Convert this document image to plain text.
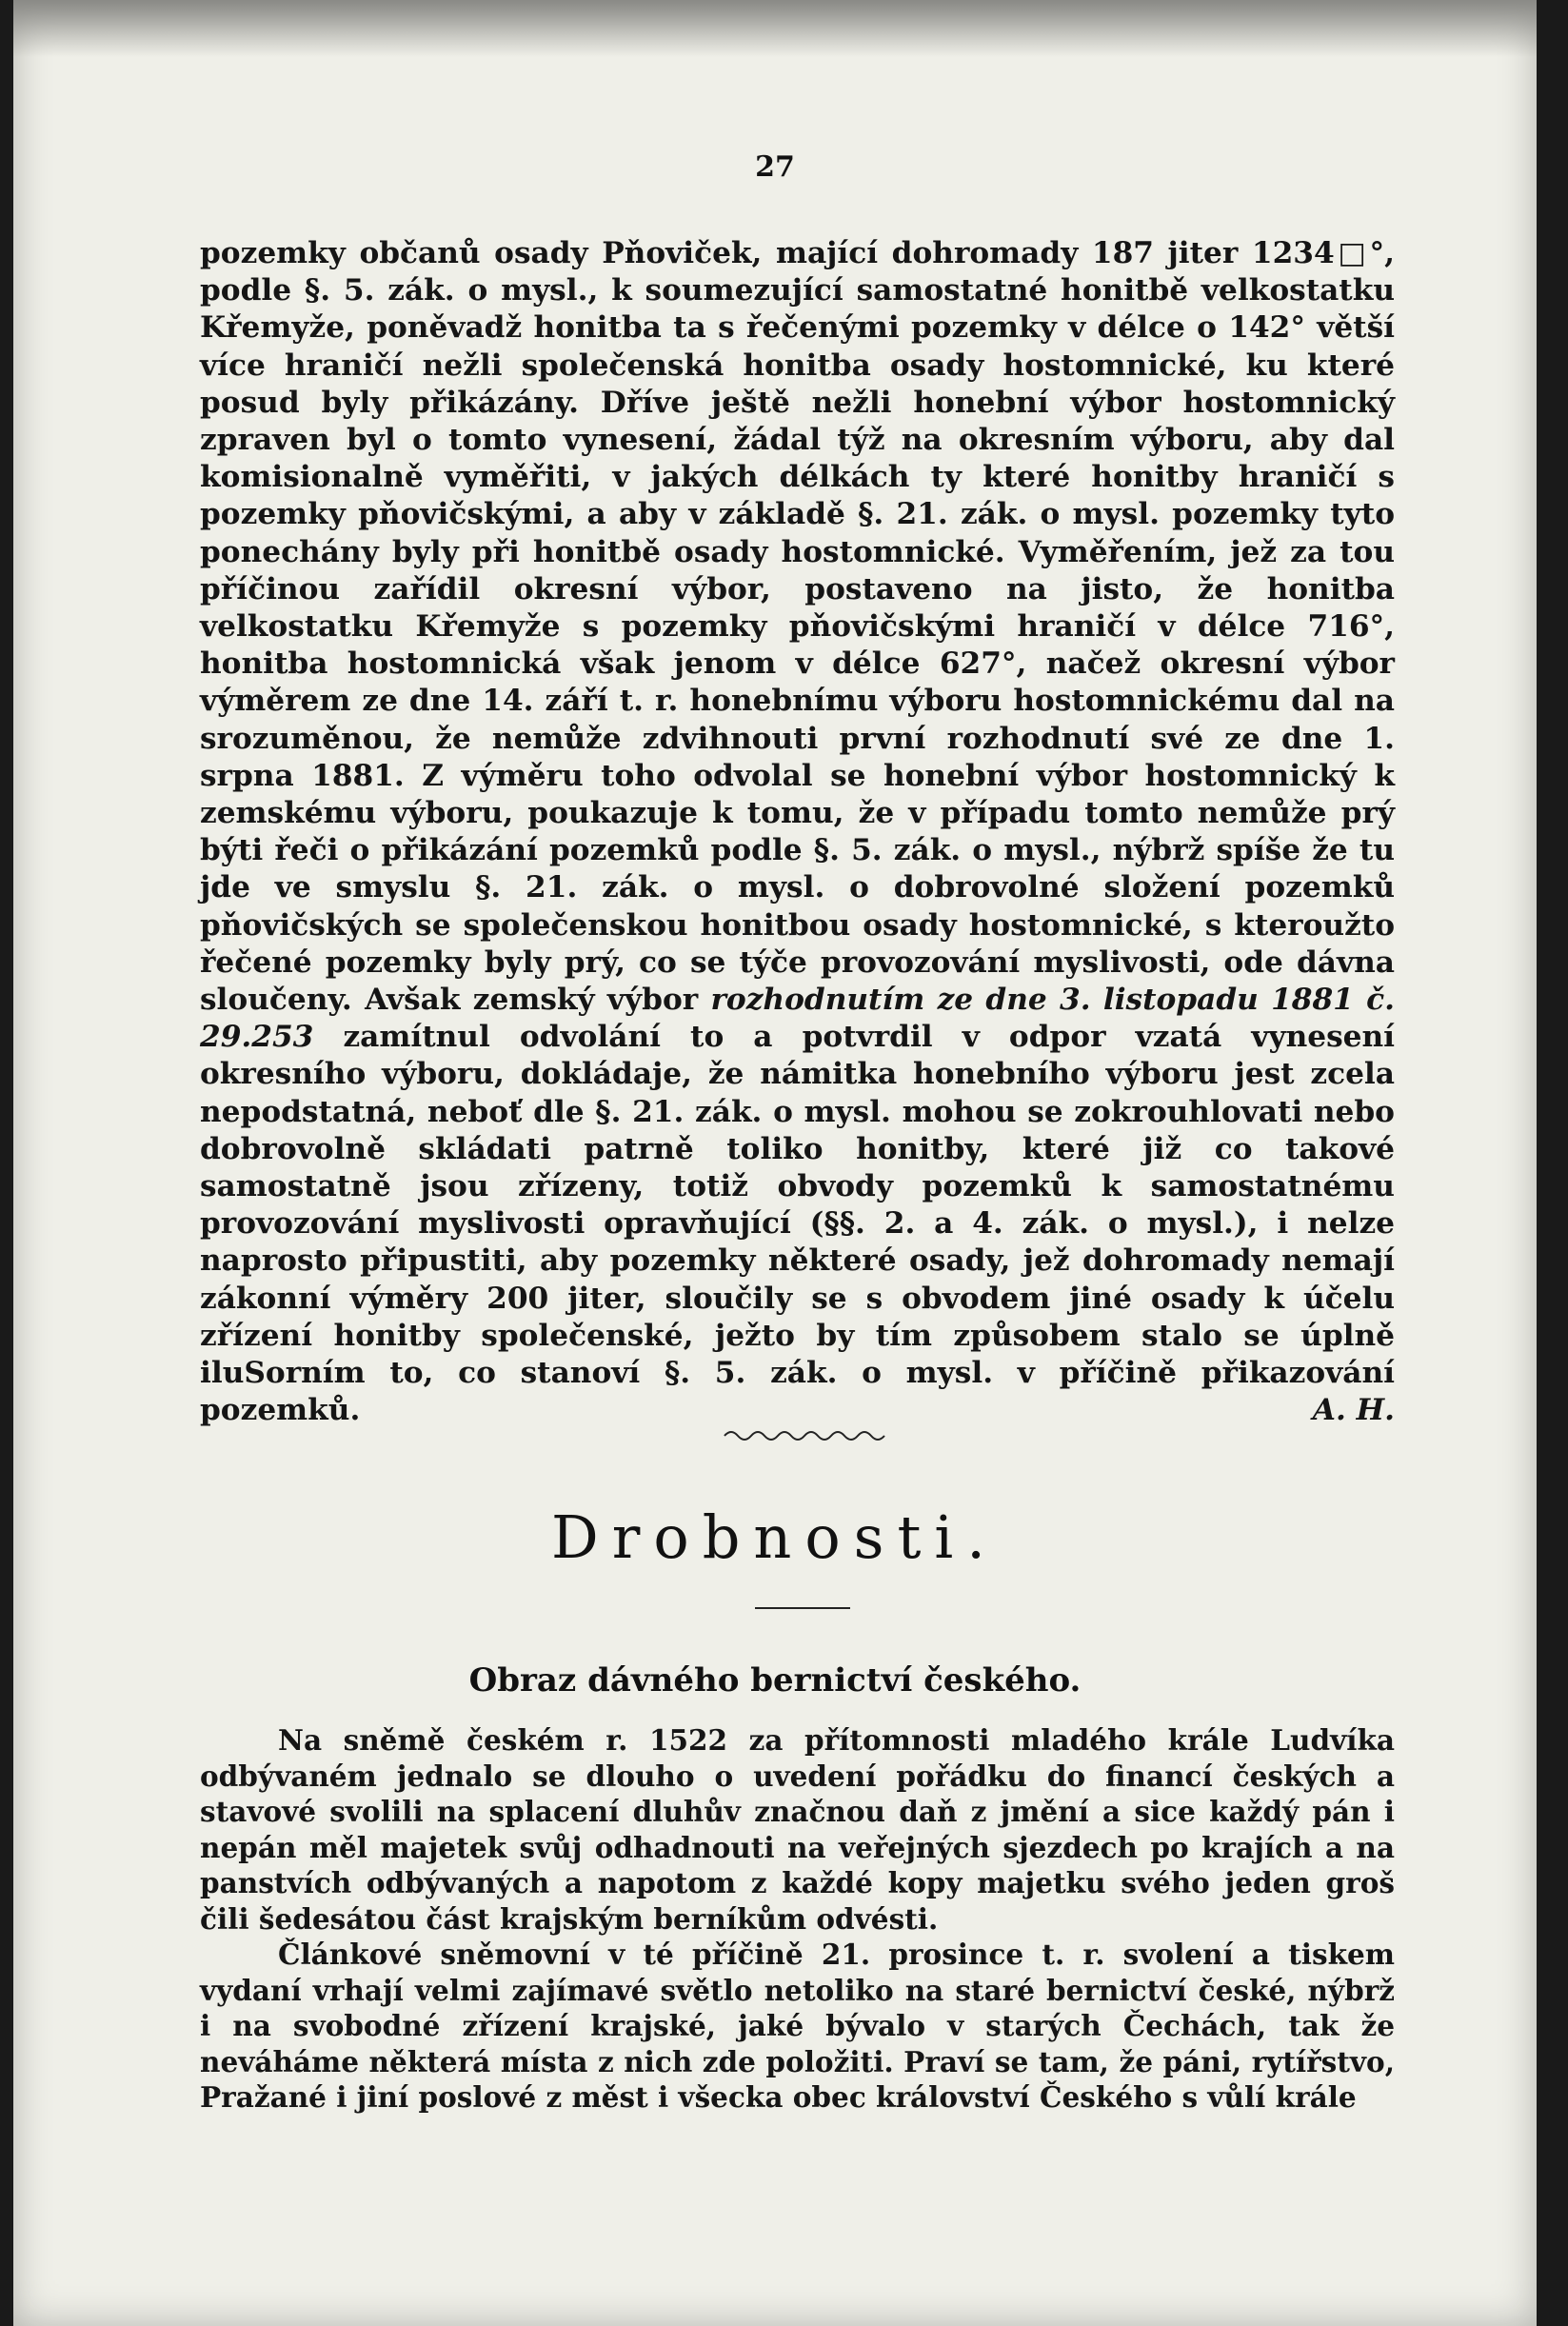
27

pozemky občanů osady Pňoviček, mající dohromady 187 jiter 1234□°, podle §. 5. zák. o mysl., k soumezující samostatné honitbě velkostatku Křemyže, poněvadž honitba ta s řečenými pozemky v délce o 142° větší více hraničí nežli společenská honitba osady hostomnické, ku které posud byly přikázány. Dříve ještě nežli honební výbor hostomnický zpraven byl o tomto vynesení, žádal týž na okresním výboru, aby dal komisionalně vyměřiti, v jakých délkách ty které honitby hraničí s pozemky pňovičskými, a aby v základě §. 21. zák. o mysl. pozemky tyto ponechány byly při honitbě osady hostomnické. Vyměřením, jež za tou příčinou zařídil okresní výbor, postaveno na jisto, že honitba velkostatku Křemyže s pozemky pňovičskými hraničí v délce 716°, honitba hostomnická však jenom v délce 627°, načež okresní výbor výměrem ze dne 14. září t. r. honebnímu výboru hostomnickému dal na srozuměnou, že nemůže zdvihnouti první rozhodnutí své ze dne 1. srpna 1881. Z výměru toho odvolal se honební výbor hostomnický k zemskému výboru, poukazuje k tomu, že v případu tomto nemůže prý býti řeči o přikázání pozemků podle §. 5. zák. o mysl., nýbrž spíše že tu jde ve smyslu §. 21. zák. o mysl. o dobrovolné složení pozemků pňovičských se společenskou honitbou osady hostomnické, s kteroužto řečené pozemky byly prý, co se týče provozování myslivosti, ode dávna sloučeny. Avšak zemský výbor rozhodnutím ze dne 3. listopadu 1881 č. 29.253 zamítnul odvolání to a potvrdil v odpor vzatá vynesení okresního výboru, dokládaje, že námitka honebního výboru jest zcela nepodstatná, neboť dle §. 21. zák. o mysl. mohou se zokrouhlovati nebo dobrovolně skládati patrně toliko honitby, které již co takové samostatně jsou zřízeny, totiž obvody pozemků k samostatnému provozování myslivosti opravňující (§§. 2. a 4. zák. o mysl.), i nelze naprosto připustiti, aby pozemky některé osady, jež dohromady nemají zákonní výměry 200 jiter, sloučily se s obvodem jiné osady k účelu zřízení honitby společenské, ježto by tím způsobem stalo se úplně iluSorním to, co stanoví §. 5. zák. o mysl. v příčině přikazování pozemků.	A. H.

Drobnosti.
Obraz dávného bernictví českého.

Na sněmě českém r. 1522 za přítomnosti mladého krále Ludvíka odbývaném jednalo se dlouho o uvedení pořádku do financí českých a stavové svolili na splacení dluhův značnou daň z jmění a sice každý pán i nepán měl majetek svůj odhadnouti na veřejných sjezdech po krajích a na panstvích odbývaných a napotom z každé kopy majetku svého jeden groš čili šedesátou část krajským berníkům odvésti.

Článkové sněmovní v té příčině 21. prosince t. r. svolení a tiskem vydaní vrhají velmi zajímavé světlo netoliko na staré bernictví české, nýbrž i na svobodné zřízení krajské, jaké bývalo v starých Čechách, tak že neváháme některá místa z nich zde položiti. Praví se tam, že páni, rytířstvo, Pražané i jiní poslové z měst i všecka obec království Českého s vůlí krále
